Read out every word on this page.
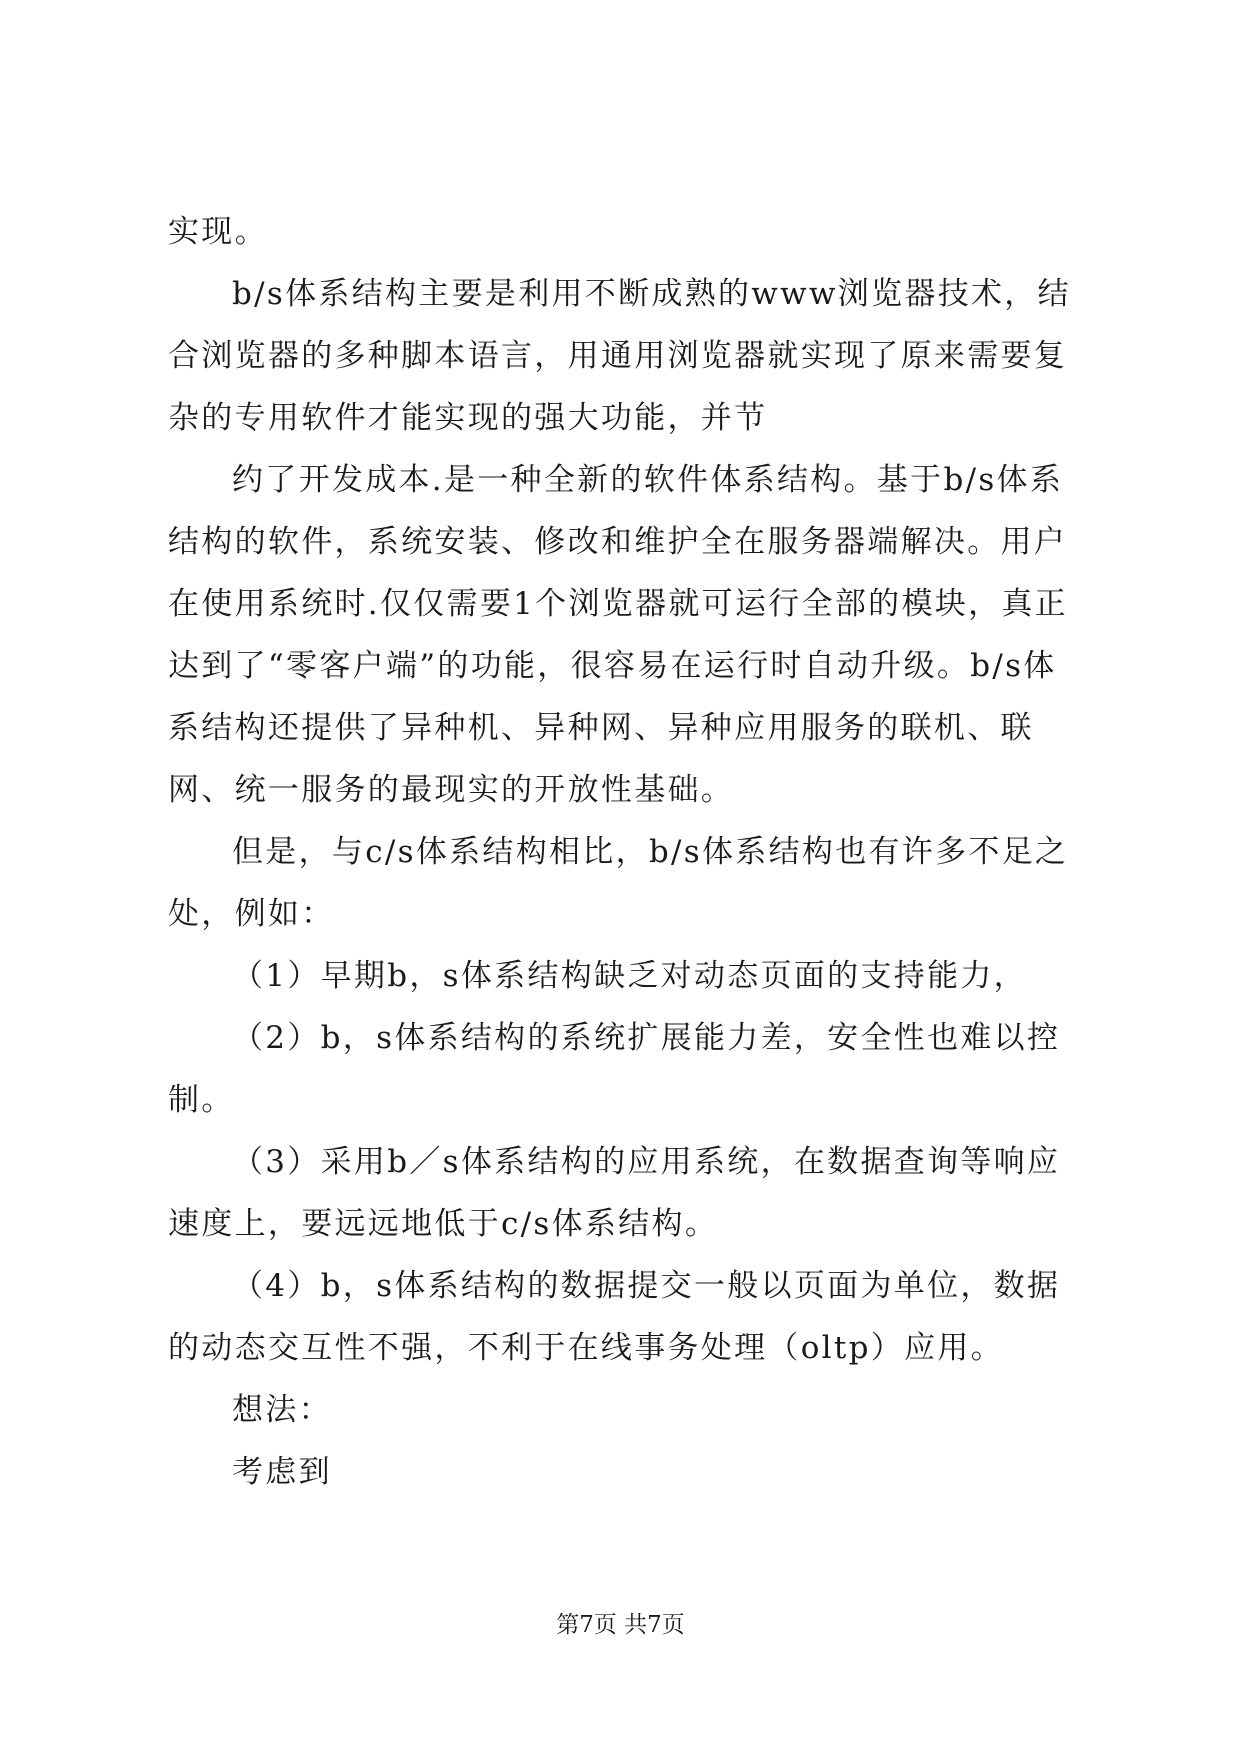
实现。

b/s体系结构主要是利用不断成熟的www浏览器技术，结合浏览器的多种脚本语言，用通用浏览器就实现了原来需要复杂的专用软件才能实现的强大功能，并节

约了开发成本.是一种全新的软件体系结构。基于b/s体系结构的软件，系统安装、修改和维护全在服务器端解决。用户在使用系统时.仅仅需要1个浏览器就可运行全部的模块，真正达到了“零客户端”的功能，很容易在运行时自动升级。b/s体系结构还提供了异种机、异种网、异种应用服务的联机、联网、统一服务的最现实的开放性基础。

但是，与c/s体系结构相比，b/s体系结构也有许多不足之处，例如：

（1）早期b，s体系结构缺乏对动态页面的支持能力，

（2）b，s体系结构的系统扩展能力差，安全性也难以控制。

（3）采用b／s体系结构的应用系统，在数据查询等响应速度上，要远远地低于c/s体系结构。

（4）b，s体系结构的数据提交一般以页面为单位，数据的动态交互性不强，不利于在线事务处理（oltp）应用。

想法：

考虑到

第7页 共7页
